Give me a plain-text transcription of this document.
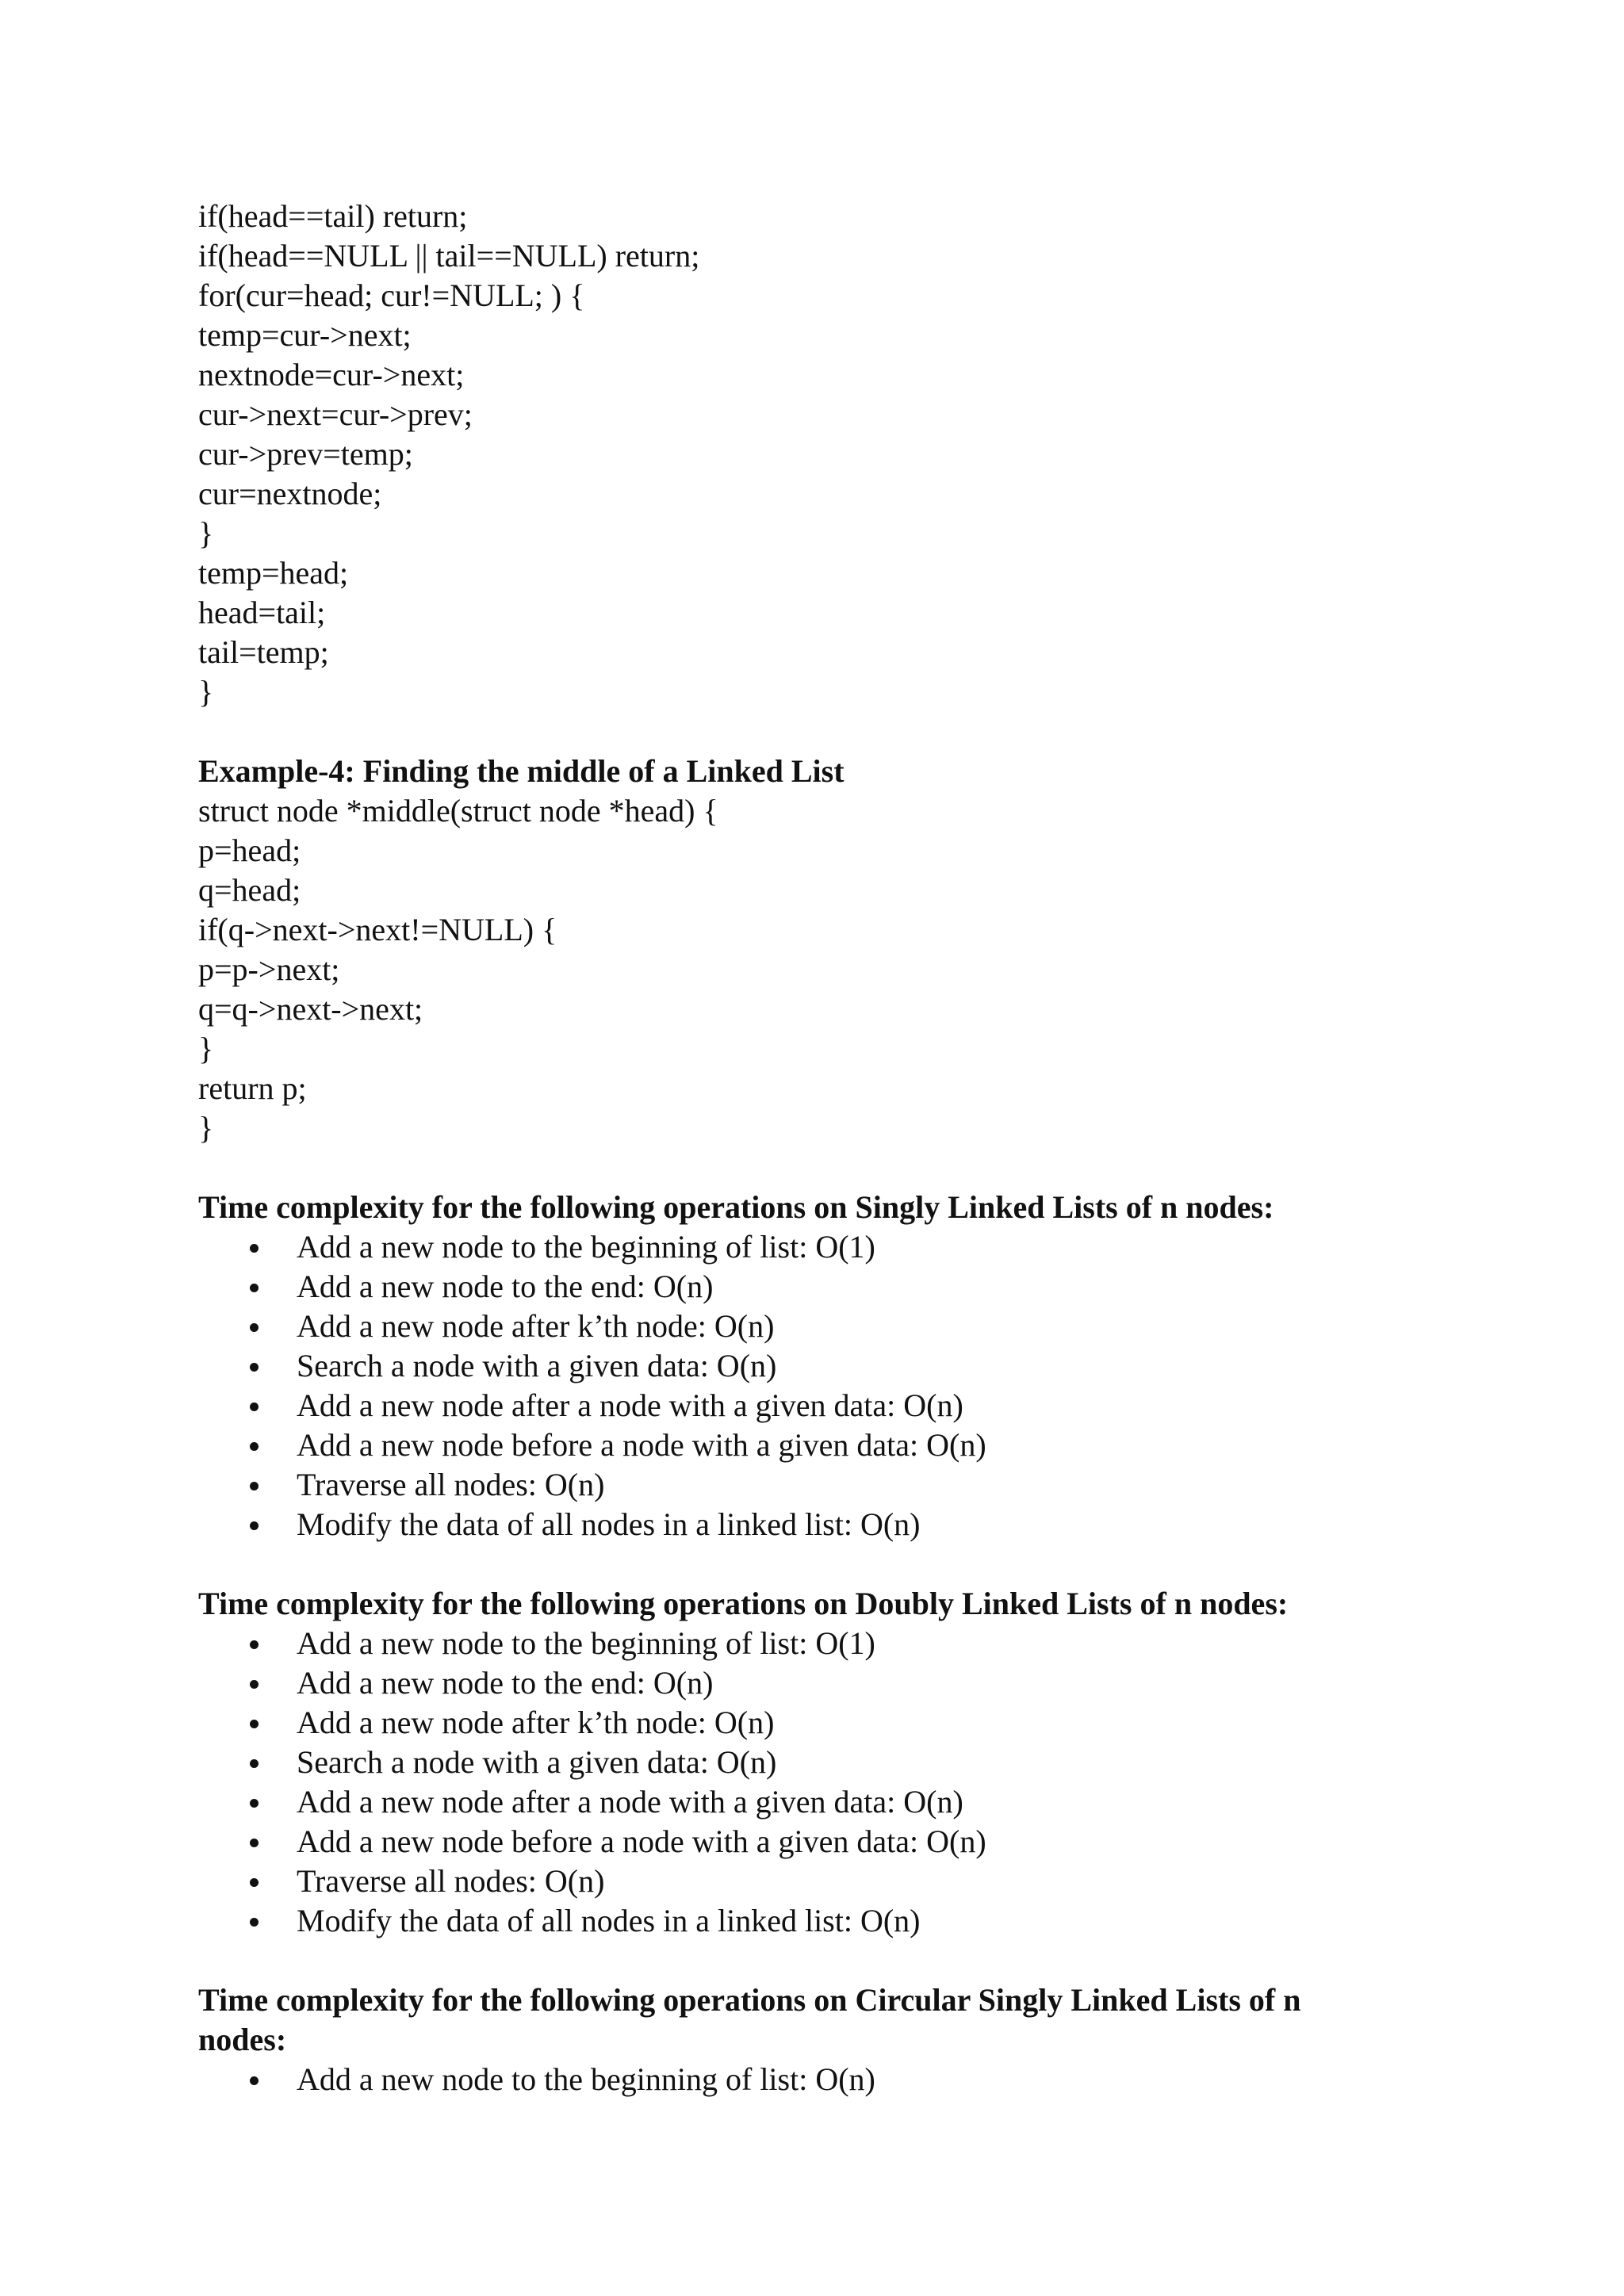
if(head==tail) return;
if(head==NULL || tail==NULL) return;
for(cur=head; cur!=NULL; ) {
temp=cur->next;
nextnode=cur->next;
cur->next=cur->prev;
cur->prev=temp;
cur=nextnode;
}
temp=head;
head=tail;
tail=temp;
}
Example-4: Finding the middle of a Linked List
struct node *middle(struct node *head) {
p=head;
q=head;
if(q->next->next!=NULL) {
p=p->next;
q=q->next->next;
}
return p;
}
Time complexity for the following operations on Singly Linked Lists of n nodes:
Add a new node to the beginning of list: O(1)
Add a new node to the end: O(n)
Add a new node after k’th node: O(n)
Search a node with a given data: O(n)
Add a new node after a node with a given data: O(n)
Add a new node before a node with a given data: O(n)
Traverse all nodes: O(n)
Modify the data of all nodes in a linked list: O(n)
Time complexity for the following operations on Doubly Linked Lists of n nodes:
Add a new node to the beginning of list: O(1)
Add a new node to the end: O(n)
Add a new node after k’th node: O(n)
Search a node with a given data: O(n)
Add a new node after a node with a given data: O(n)
Add a new node before a node with a given data: O(n)
Traverse all nodes: O(n)
Modify the data of all nodes in a linked list: O(n)
Time complexity for the following operations on Circular Singly Linked Lists of n
nodes:
Add a new node to the beginning of list: O(n)
